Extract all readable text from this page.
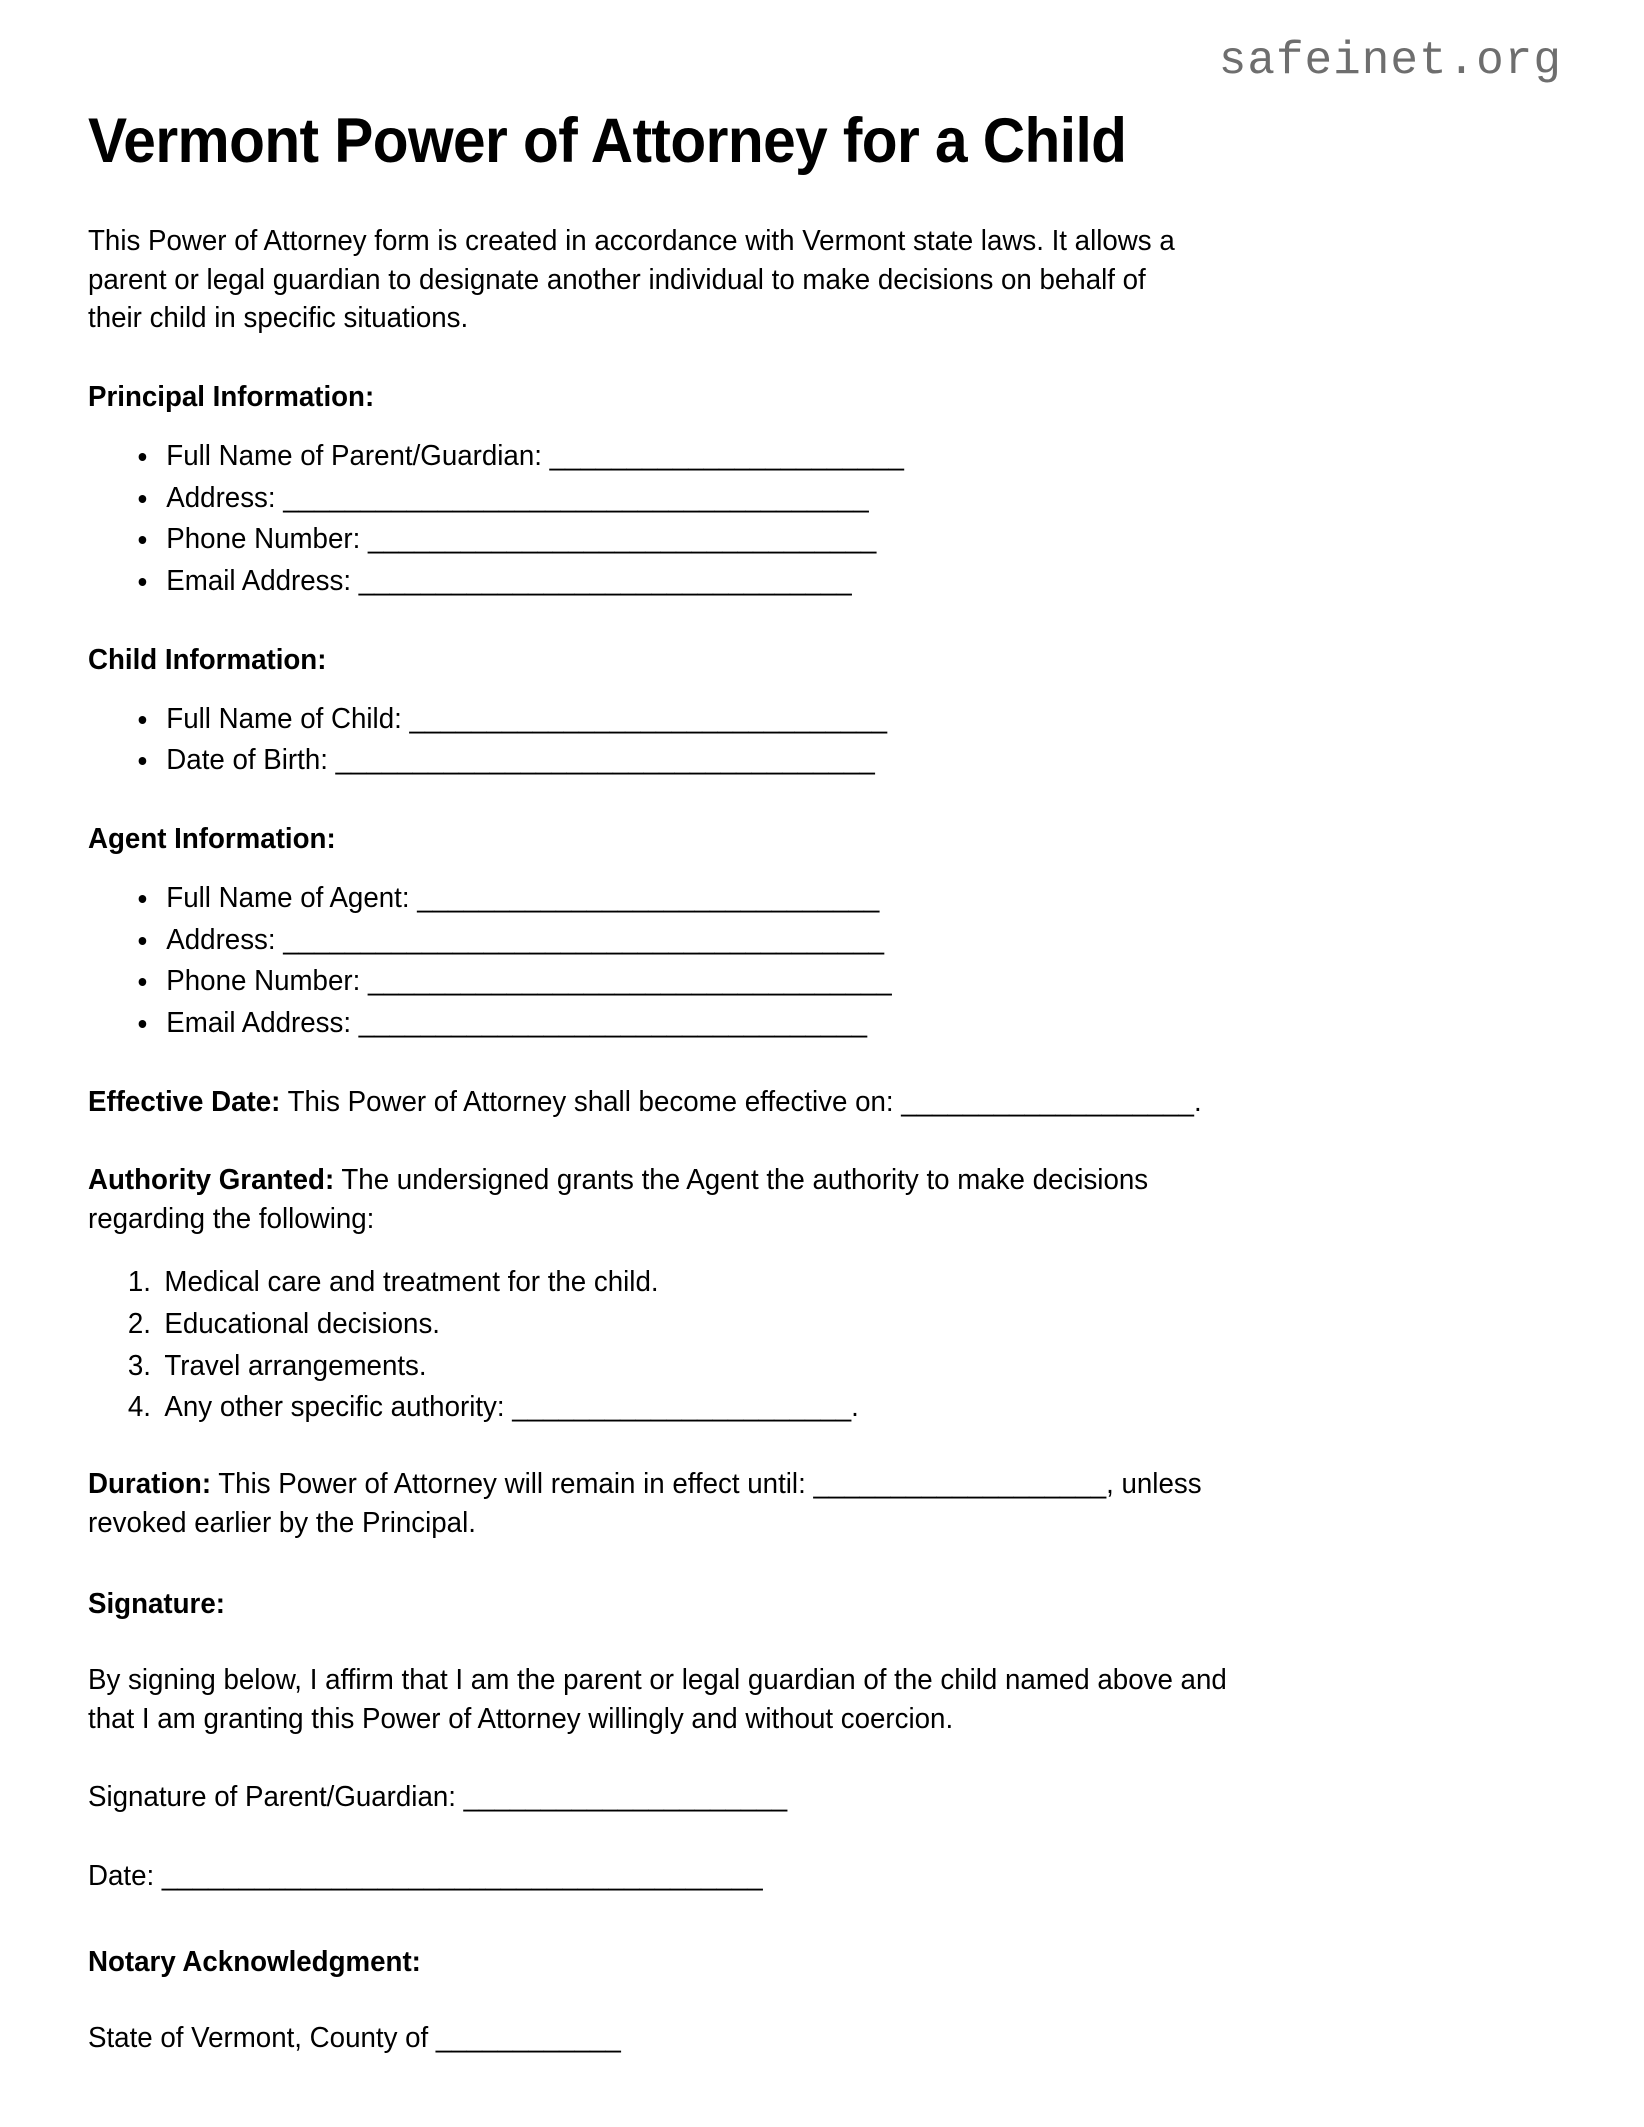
safeinet.org
Vermont Power of Attorney for a Child

This Power of Attorney form is created in accordance with Vermont state laws. It allows a parent or legal guardian to designate another individual to make decisions on behalf of their child in specific situations.

Principal Information:
• Full Name of Parent/Guardian: _______________________
• Address: ______________________________________
• Phone Number: _________________________________
• Email Address: ________________________________
Child Information:
• Full Name of Child: _______________________________
• Date of Birth: ___________________________________
Agent Information:
• Full Name of Agent: ______________________________
• Address: _______________________________________
• Phone Number: __________________________________
• Email Address: _________________________________

Effective Date: This Power of Attorney shall become effective on: ___________________.

Authority Granted: The undersigned grants the Agent the authority to make decisions regarding the following:

1. Medical care and treatment for the child.
2. Educational decisions.
3. Travel arrangements.
4. Any other specific authority: ______________________.

Duration: This Power of Attorney will remain in effect until: ___________________, unless revoked earlier by the Principal.

Signature:

By signing below, I affirm that I am the parent or legal guardian of the child named above and that I am granting this Power of Attorney willingly and without coercion.

Signature of Parent/Guardian: _____________________
Date: _______________________________________
Notary Acknowledgment:
State of Vermont, County of ____________
